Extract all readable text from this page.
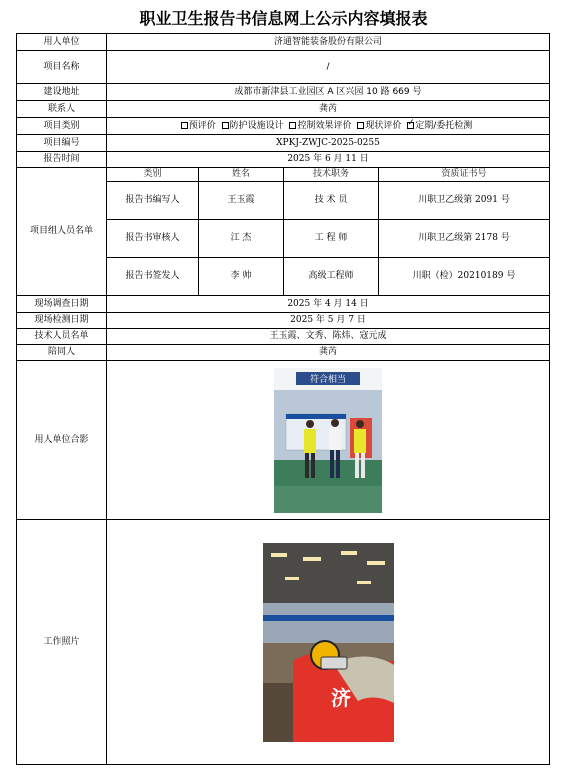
职业卫生报告书信息网上公示内容填报表
用人单位	济通智能装备股份有限公司			
项目名称	/			
建设地址	成都市新津县工业园区 A 区兴园 10 路 669 号			
联系人	龚芮			
项目类别	预评价 防护设施设计 控制效果评价 现状评价 ✓ 定期/委托检测
项目编号	XPKJ-ZWJC-2025-0255			
报告时间	2025 年 6 月 11 日			
项目组人员名单	类别	姓名	技术职务	资质证书号
	报告书编写人	王玉霞	技 术 员	川职卫乙级第 2091 号
	报告书审核人	江 杰	工 程 师	川职卫乙级第 2178 号
	报告书签发人	李 帅	高级工程师	川职（检）20210189 号
现场调查日期	2025 年 4 月 14 日			
现场检测日期	2025 年 5 月 7 日			
技术人员名单	王玉霞、文秀、陈炜、寇元成			
陪同人	龚芮			
用人单位合影	符合相当			

工作照片	济			
